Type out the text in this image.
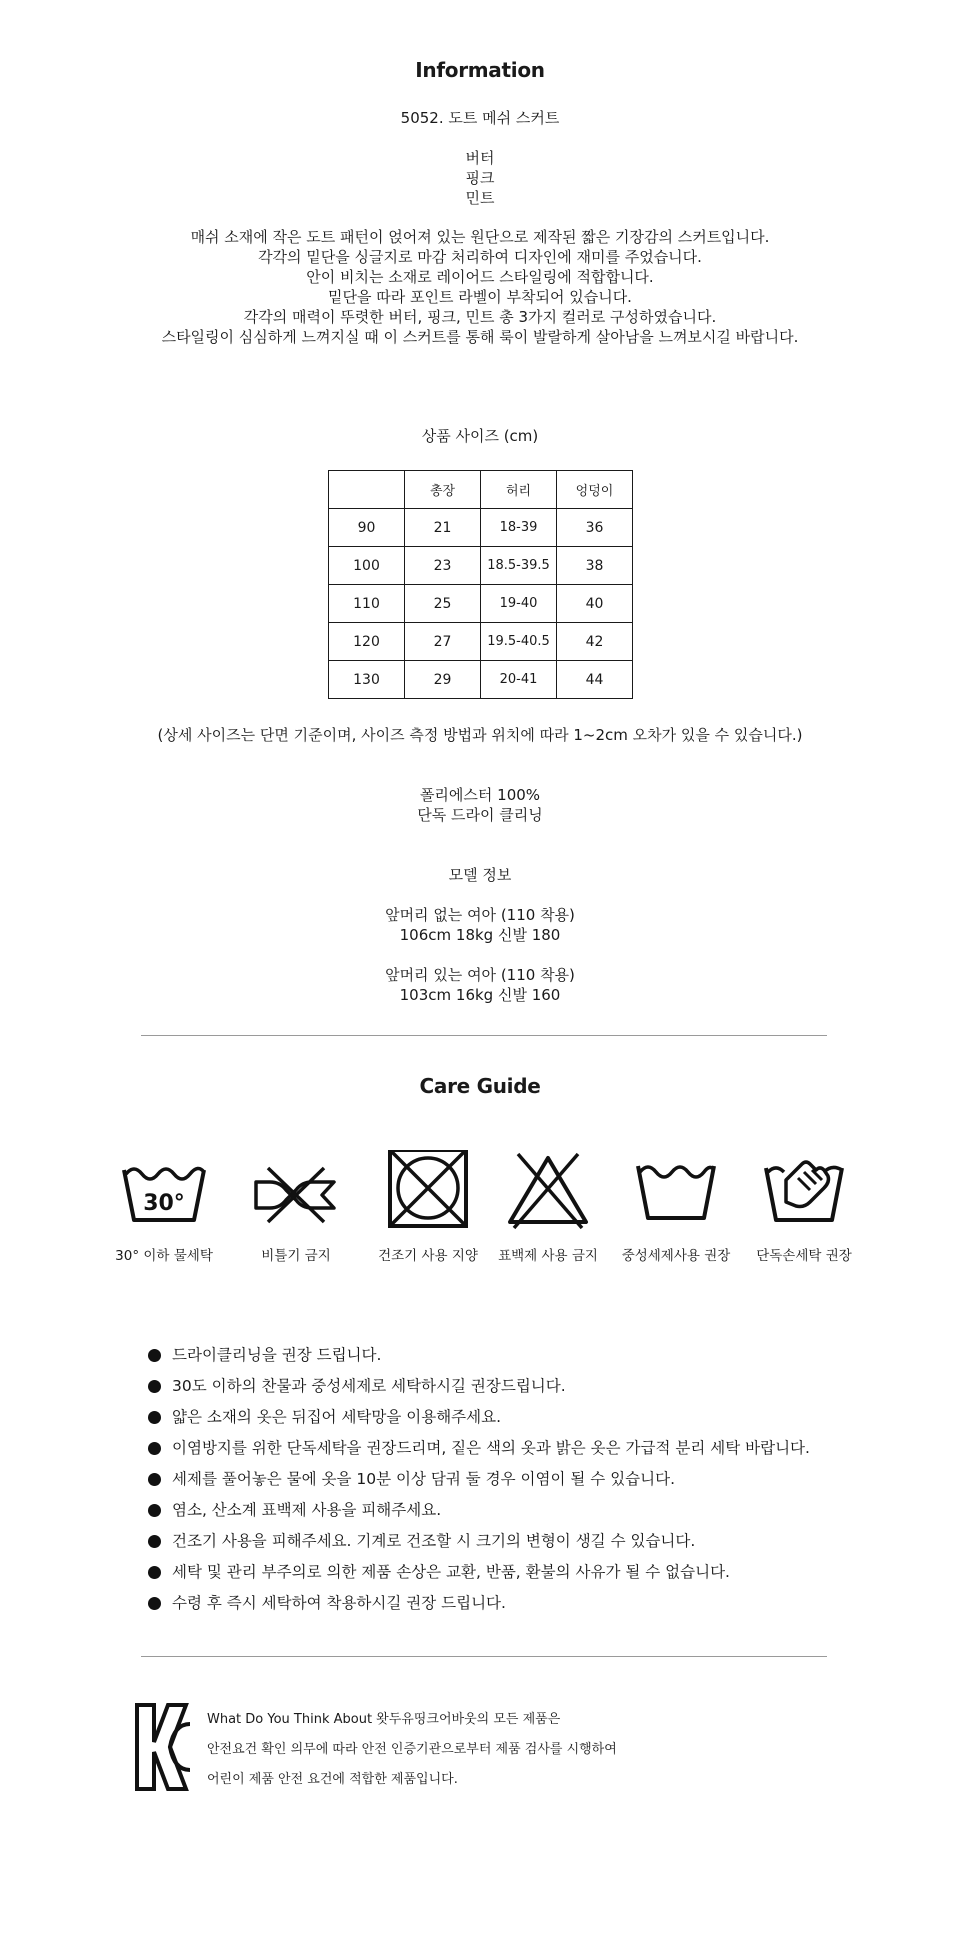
Information
5052. 도트 메쉬 스커트
버터
핑크
민트
매쉬 소재에 작은 도트 패턴이 얹어져 있는 원단으로 제작된 짧은 기장감의 스커트입니다.
각각의 밑단을 싱글지로 마감 처리하여 디자인에 재미를 주었습니다.
안이 비치는 소재로 레이어드 스타일링에 적합합니다.
밑단을 따라 포인트 라벨이 부착되어 있습니다.
각각의 매력이 뚜렷한 버터, 핑크, 민트 총 3가지 컬러로 구성하였습니다.
스타일링이 심심하게 느껴지실 때 이 스커트를 통해 룩이 발랄하게 살아남을 느껴보시길 바랍니다.
상품 사이즈 (cm)
	총장	허리	엉덩이
90	21	18-39	36
100	23	18.5-39.5	38
110	25	19-40	40
120	27	19.5-40.5	42
130	29	20-41	44
(상세 사이즈는 단면 기준이며, 사이즈 측정 방법과 위치에 따라 1~2cm 오차가 있을 수 있습니다.)
폴리에스터 100%
단독 드라이 클리닝
모델 정보
앞머리 없는 여아 (110 착용)
106cm 18kg 신발 180
앞머리 있는 여아 (110 착용)
103cm 16kg 신발 160
Care Guide
30°
30° 이하 물세탁	비틀기 금지	건조기 사용 지양	표백제 사용 금지	중성세제사용 권장	단독손세탁 권장
드라이클리닝을 권장 드립니다.
30도 이하의 찬물과 중성세제로 세탁하시길 권장드립니다.
얇은 소재의 옷은 뒤집어 세탁망을 이용해주세요.
이염방지를 위한 단독세탁을 권장드리며, 짙은 색의 옷과 밝은 옷은 가급적 분리 세탁 바랍니다.
세제를 풀어놓은 물에 옷을 10분 이상 담궈 둘 경우 이염이 될 수 있습니다.
염소, 산소계 표백제 사용을 피해주세요.
건조기 사용을 피해주세요. 기계로 건조할 시 크기의 변형이 생길 수 있습니다.
세탁 및 관리 부주의로 의한 제품 손상은 교환, 반품, 환불의 사유가 될 수 없습니다.
수령 후 즉시 세탁하여 착용하시길 권장 드립니다.
What Do You Think About 왓두유띵크어바웃의 모든 제품은
안전요건 확인 의무에 따라 안전 인증기관으로부터 제품 검사를 시행하여
어린이 제품 안전 요건에 적합한 제품입니다.
